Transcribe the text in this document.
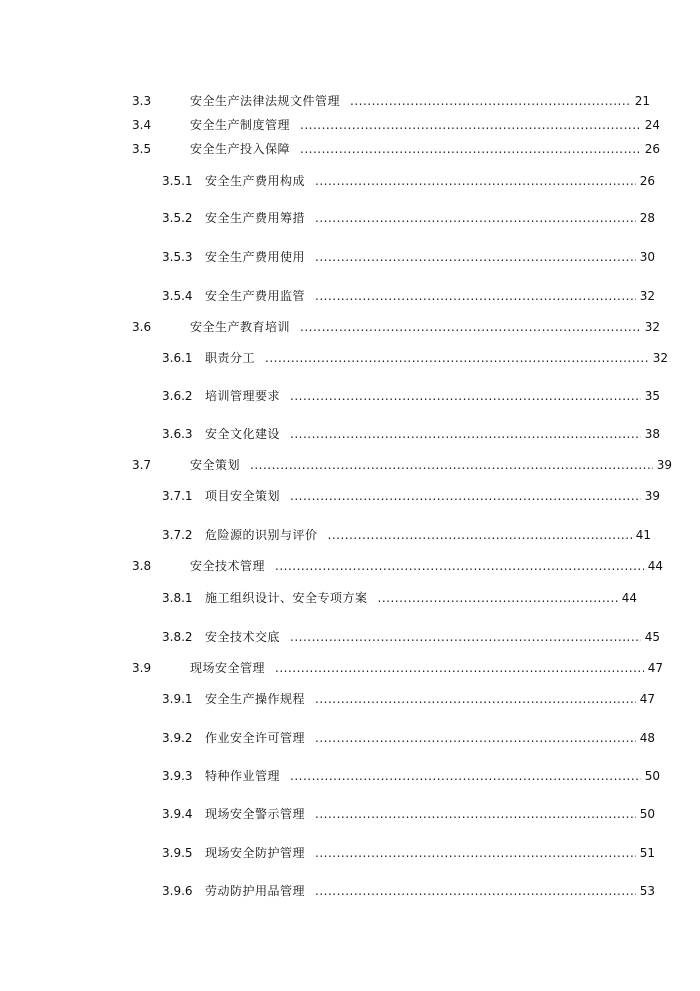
3.3	安全生产法律法规文件管理 .....	21
3.4	安全生产制度管理 .....	24
3.5	安全生产投入保障 .....	26
3.5.1	安全生产费用构成 .....	26
3.5.2	安全生产费用筹措 .....	28
3.5.3	安全生产费用使用 .....	30
3.5.4	安全生产费用监管 .....	32
3.6	安全生产教育培训 .....	32
3.6.1	职责分工 .....	32
3.6.2	培训管理要求 .....	35
3.6.3	安全文化建设 .....	38
3.7	安全策划 .....	39
3.7.1	项目安全策划 .....	39
3.7.2	危险源的识别与评价 .....	41
3.8	安全技术管理 .....	44
3.8.1	施工组织设计、安全专项方案 .....	44
3.8.2	安全技术交底 .....	45
3.9	现场安全管理 .....	47
3.9.1	安全生产操作规程 .....	47
3.9.2	作业安全许可管理 .....	48
3.9.3	特种作业管理 .....	50
3.9.4	现场安全警示管理 .....	50
3.9.5	现场安全防护管理 .....	51
3.9.6	劳动防护用品管理 .....	53
